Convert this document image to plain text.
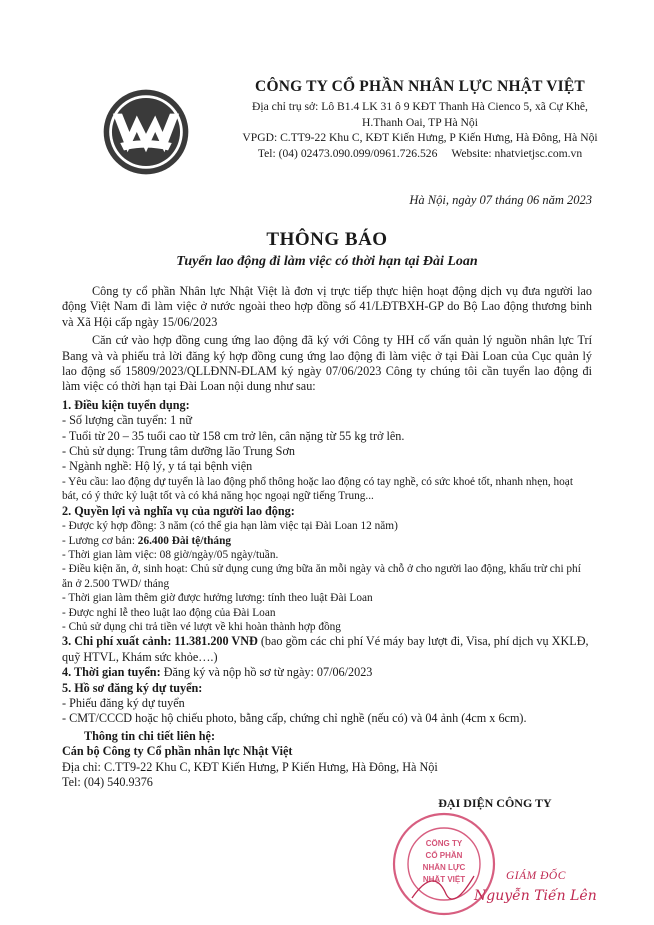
CÔNG TY CỔ PHẦN NHÂN LỰC NHẬT VIỆT
Địa chỉ trụ sở: Lô B1.4 LK 31 ô 9 KĐT Thanh Hà Cienco 5, xã Cự Khê,
H.Thanh Oai, TP Hà Nội
VPGD: C.TT9-22 Khu C, KĐT Kiến Hưng, P Kiến Hưng, Hà Đông, Hà Nội
Tel: (04) 02473.090.099/0961.726.526 Website: nhatvietjsc.com.vn
Hà Nội, ngày 07 tháng 06 năm 2023
THÔNG BÁO
Tuyển lao động đi làm việc có thời hạn tại Đài Loan

Công ty cổ phần Nhân lực Nhật Việt là đơn vị trực tiếp thực hiện hoạt động dịch vụ đưa người lao động Việt Nam đi làm việc ở nước ngoài theo hợp đồng số 41/LĐTBXH-GP do Bộ Lao động thương binh và Xã Hội cấp ngày 15/06/2023

Căn cứ vào hợp đồng cung ứng lao động đã ký với Công ty HH cố vấn quản lý nguồn nhân lực Trí Bang và và phiếu trả lời đăng ký hợp đồng cung ứng lao động đi làm việc ở tại Đài Loan của Cục quản lý lao động số 15809/2023/QLLĐNN-ĐLAM ký ngày 07/06/2023 Công ty chúng tôi cần tuyển lao động đi làm việc có thời hạn tại Đài Loan nội dung như sau:

1. Điều kiện tuyển dụng:

- Số lượng cần tuyển: 1 nữ

- Tuổi từ 20 – 35 tuổi cao từ 158 cm trở lên, cân nặng từ 55 kg trở lên.

- Chủ sử dụng: Trung tâm dưỡng lão Trung Sơn

- Ngành nghề: Hộ lý, y tá tại bệnh viện

- Yêu cầu: lao động dự tuyển là lao động phổ thông hoặc lao động có tay nghề, có sức khoẻ tốt, nhanh nhẹn, hoạt bát, có ý thức kỷ luật tốt và có khả năng học ngoại ngữ tiếng Trung...

2. Quyền lợi và nghĩa vụ của người lao động:

- Được ký hợp đồng: 3 năm (có thể gia hạn làm việc tại Đài Loan 12 năm)

- Lương cơ bản: 26.400 Đài tệ/tháng

- Thời gian làm việc: 08 giờ/ngày/05 ngày/tuần.

- Điều kiện ăn, ở, sinh hoạt: Chủ sử dụng cung ứng bữa ăn mỗi ngày và chỗ ở cho người lao động, khấu trừ chi phí ăn ở 2.500 TWD/ tháng

- Thời gian làm thêm giờ được hưởng lương: tính theo luật Đài Loan

- Được nghỉ lễ theo luật lao động của Đài Loan

- Chủ sử dụng chi trả tiền vé lượt về khi hoàn thành hợp đồng

3. Chi phí xuất cảnh: 11.381.200 VNĐ (bao gồm các chi phí Vé máy bay lượt đi, Visa, phí dịch vụ XKLĐ, quỹ HTVL, Khám sức khỏe….)

4. Thời gian tuyển: Đăng ký và nộp hồ sơ từ ngày: 07/06/2023

5. Hồ sơ đăng ký dự tuyển:

- Phiếu đăng ký dự tuyển

- CMT/CCCD hoặc hộ chiếu photo, bằng cấp, chứng chỉ nghề (nếu có) và 04 ảnh (4cm x 6cm).

Thông tin chi tiết liên hệ:

Cán bộ Công ty Cổ phần nhân lực Nhật Việt

Địa chỉ: C.TT9-22 Khu C, KĐT Kiến Hưng, P Kiến Hưng, Hà Đông, Hà Nội

Tel: (04) 540.9376

CÔNG TY
CỔ PHẦN
NHÂN LỰC
NHẬT VIỆT
ĐẠI DIỆN CÔNG TY
GIÁM ĐỐC
Nguyễn Tiến Lên
